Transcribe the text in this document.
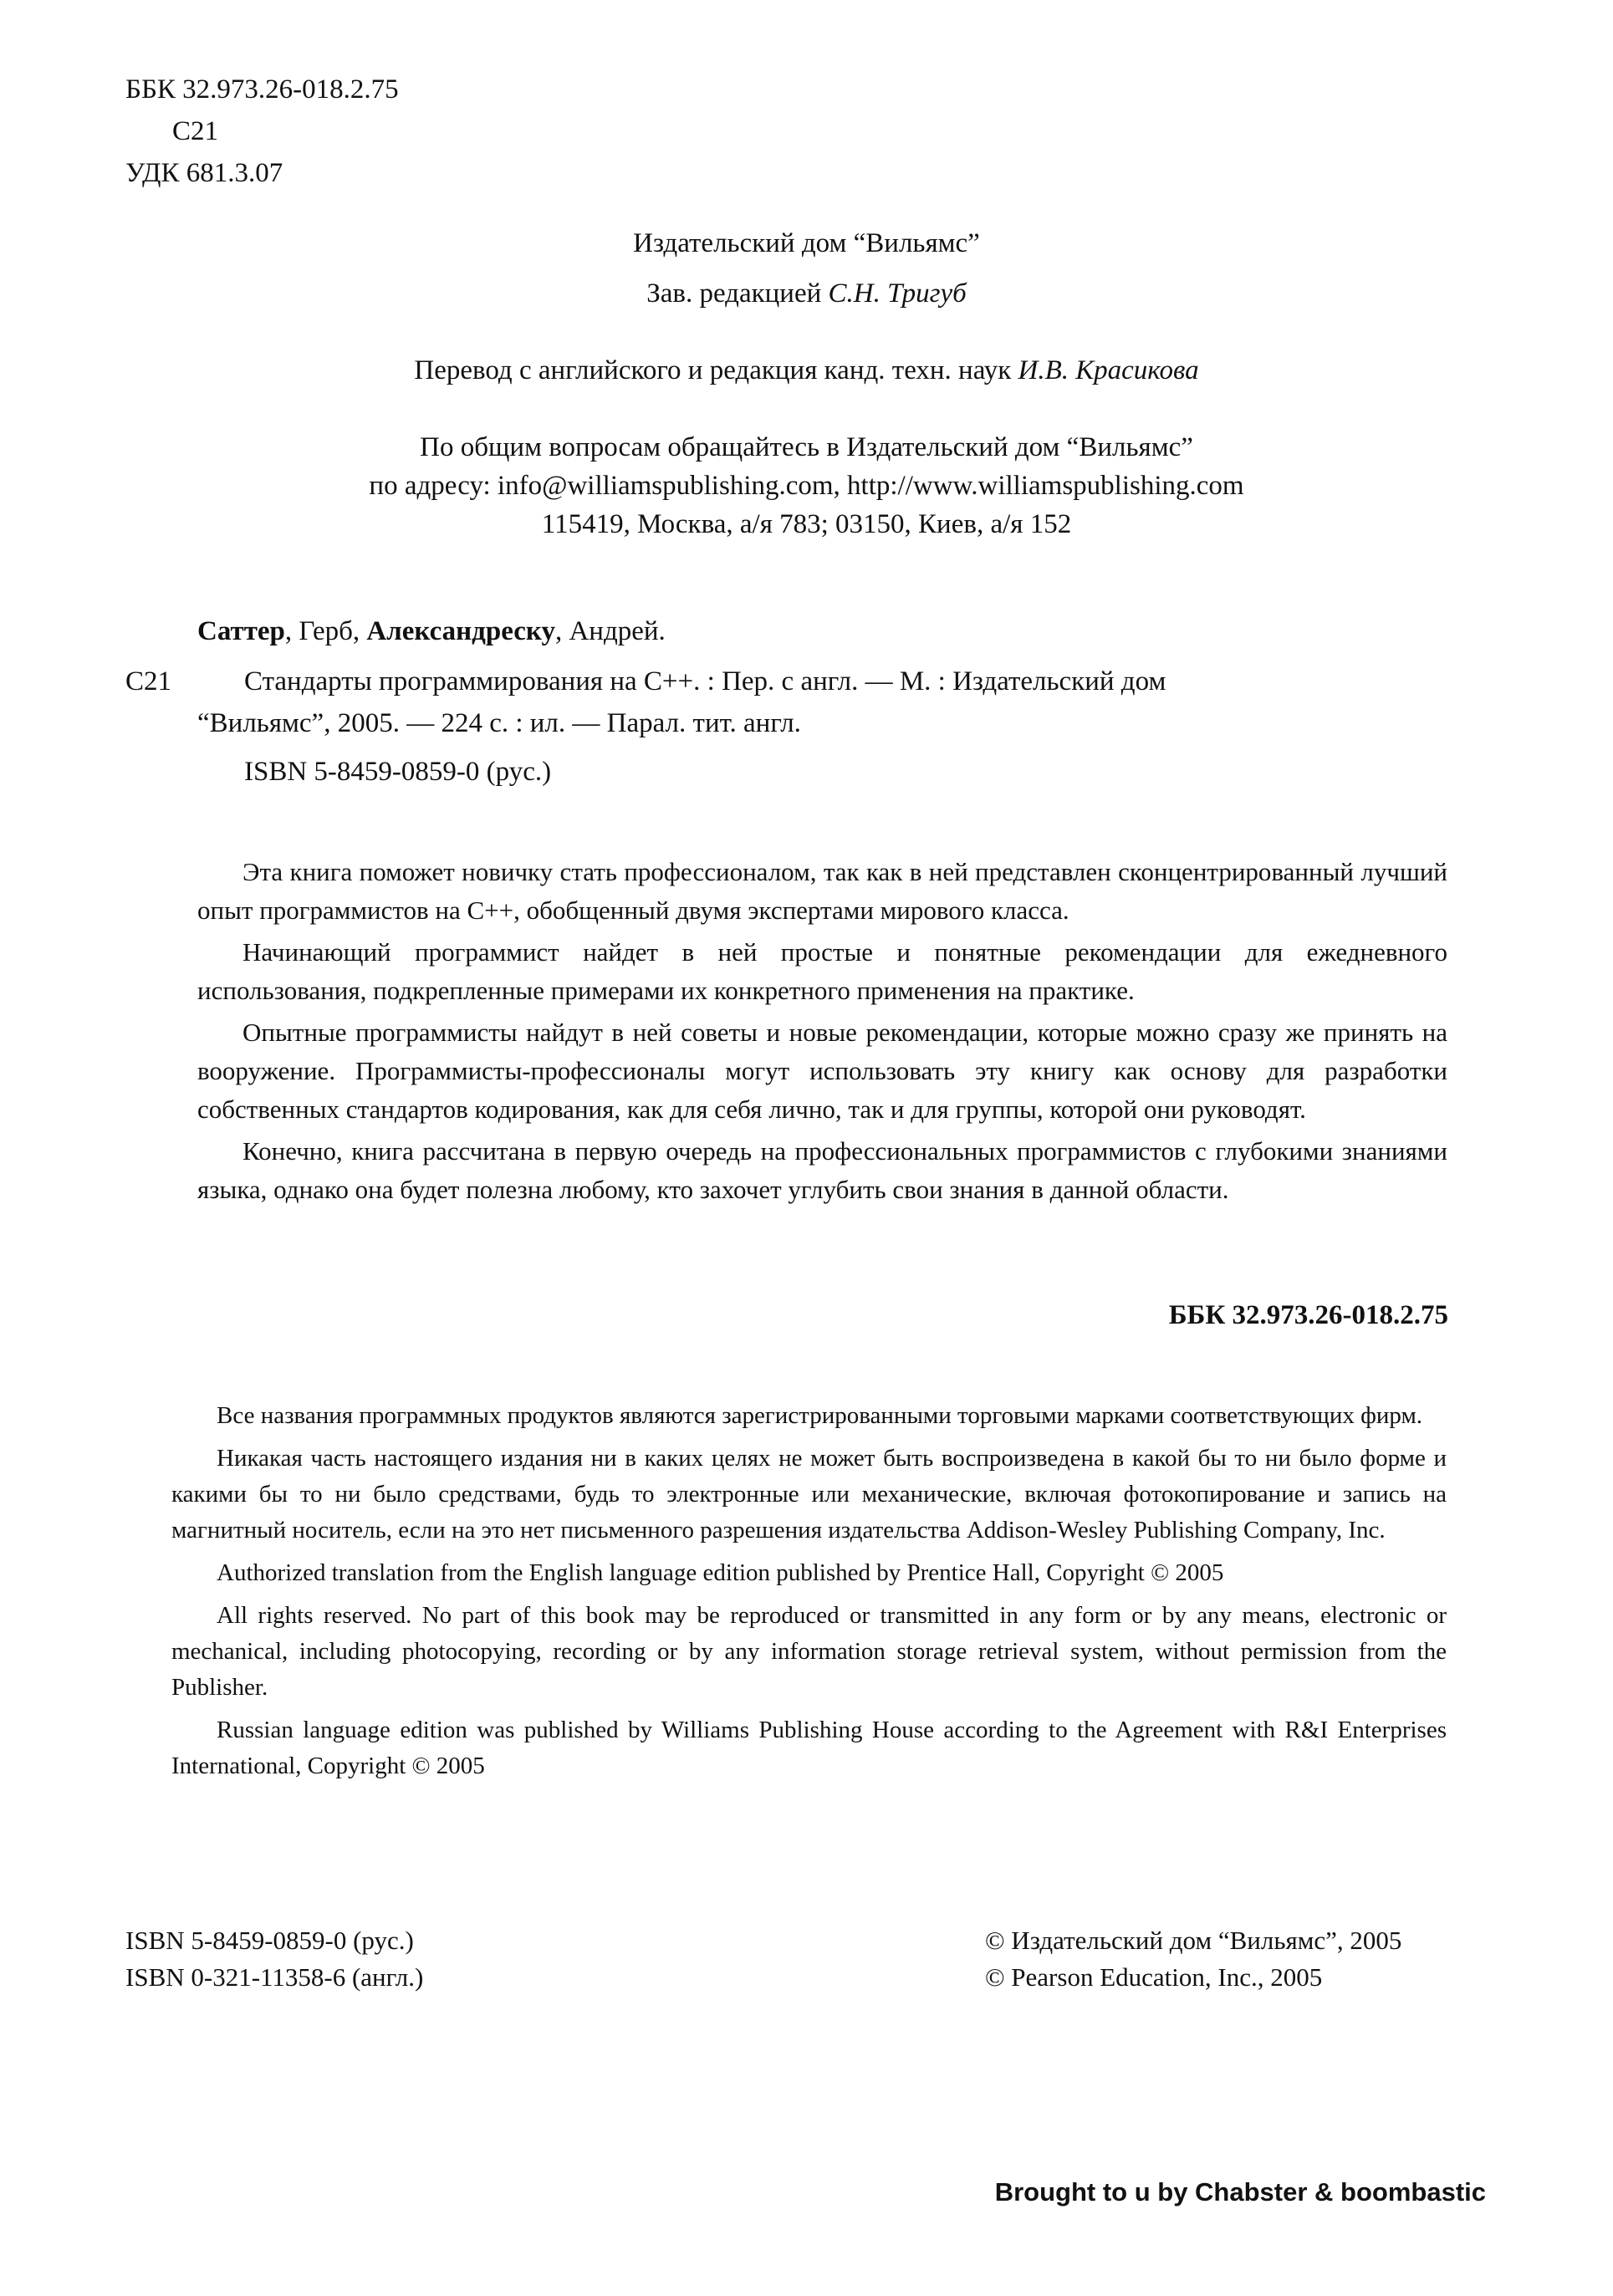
ББК 32.973.26-018.2.75
С21
УДК 681.3.07
Издательский дом “Вильямс”
Зав. редакцией С.Н. Тригуб
Перевод с английского и редакция канд. техн. наук И.В. Красикова
По общим вопросам обращайтесь в Издательский дом “Вильямс”
по адресу: info@williamspublishing.com, http://www.williamspublishing.com
115419, Москва, а/я 783; 03150, Киев, а/я 152
Саттер, Герб, Александреску, Андрей.
С21	Стандарты программирования на С++. : Пер. с англ. — М. : Издательский дом
“Вильямс”, 2005. — 224 с. : ил. — Парал. тит. англ.
ISBN 5-8459-0859-0 (рус.)

Эта книга поможет новичку стать профессионалом, так как в ней представлен сконцентрированный лучший опыт программистов на С++, обобщенный двумя экспертами мирового класса.

Начинающий программист найдет в ней простые и понятные рекомендации для ежедневного использования, подкрепленные примерами их конкретного применения на практике.

Опытные программисты найдут в ней советы и новые рекомендации, которые можно сразу же принять на вооружение. Программисты-профессионалы могут использовать эту книгу как основу для разработки собственных стандартов кодирования, как для себя лично, так и для группы, которой они руководят.

Конечно, книга рассчитана в первую очередь на профессиональных программистов с глубокими знаниями языка, однако она будет полезна любому, кто захочет углубить свои знания в данной области.

ББК 32.973.26-018.2.75

Все названия программных продуктов являются зарегистрированными торговыми марками соответствующих фирм.

Никакая часть настоящего издания ни в каких целях не может быть воспроизведена в какой бы то ни было форме и какими бы то ни было средствами, будь то электронные или механические, включая фотокопирование и запись на магнитный носитель, если на это нет письменного разрешения издательства Addison-Wesley Publishing Company, Inc.

Authorized translation from the English language edition published by Prentice Hall, Copyright © 2005

All rights reserved. No part of this book may be reproduced or transmitted in any form or by any means, electronic or mechanical, including photocopying, recording or by any information storage retrieval system, without permission from the Publisher.

Russian language edition was published by Williams Publishing House according to the Agreement with R&I Enterprises International, Copyright © 2005

ISBN 5-8459-0859-0 (рус.)
ISBN 0-321-11358-6 (англ.)
© Издательский дом “Вильямс”, 2005
© Pearson Education, Inc., 2005
Brought to u by Chabster & boombastic
